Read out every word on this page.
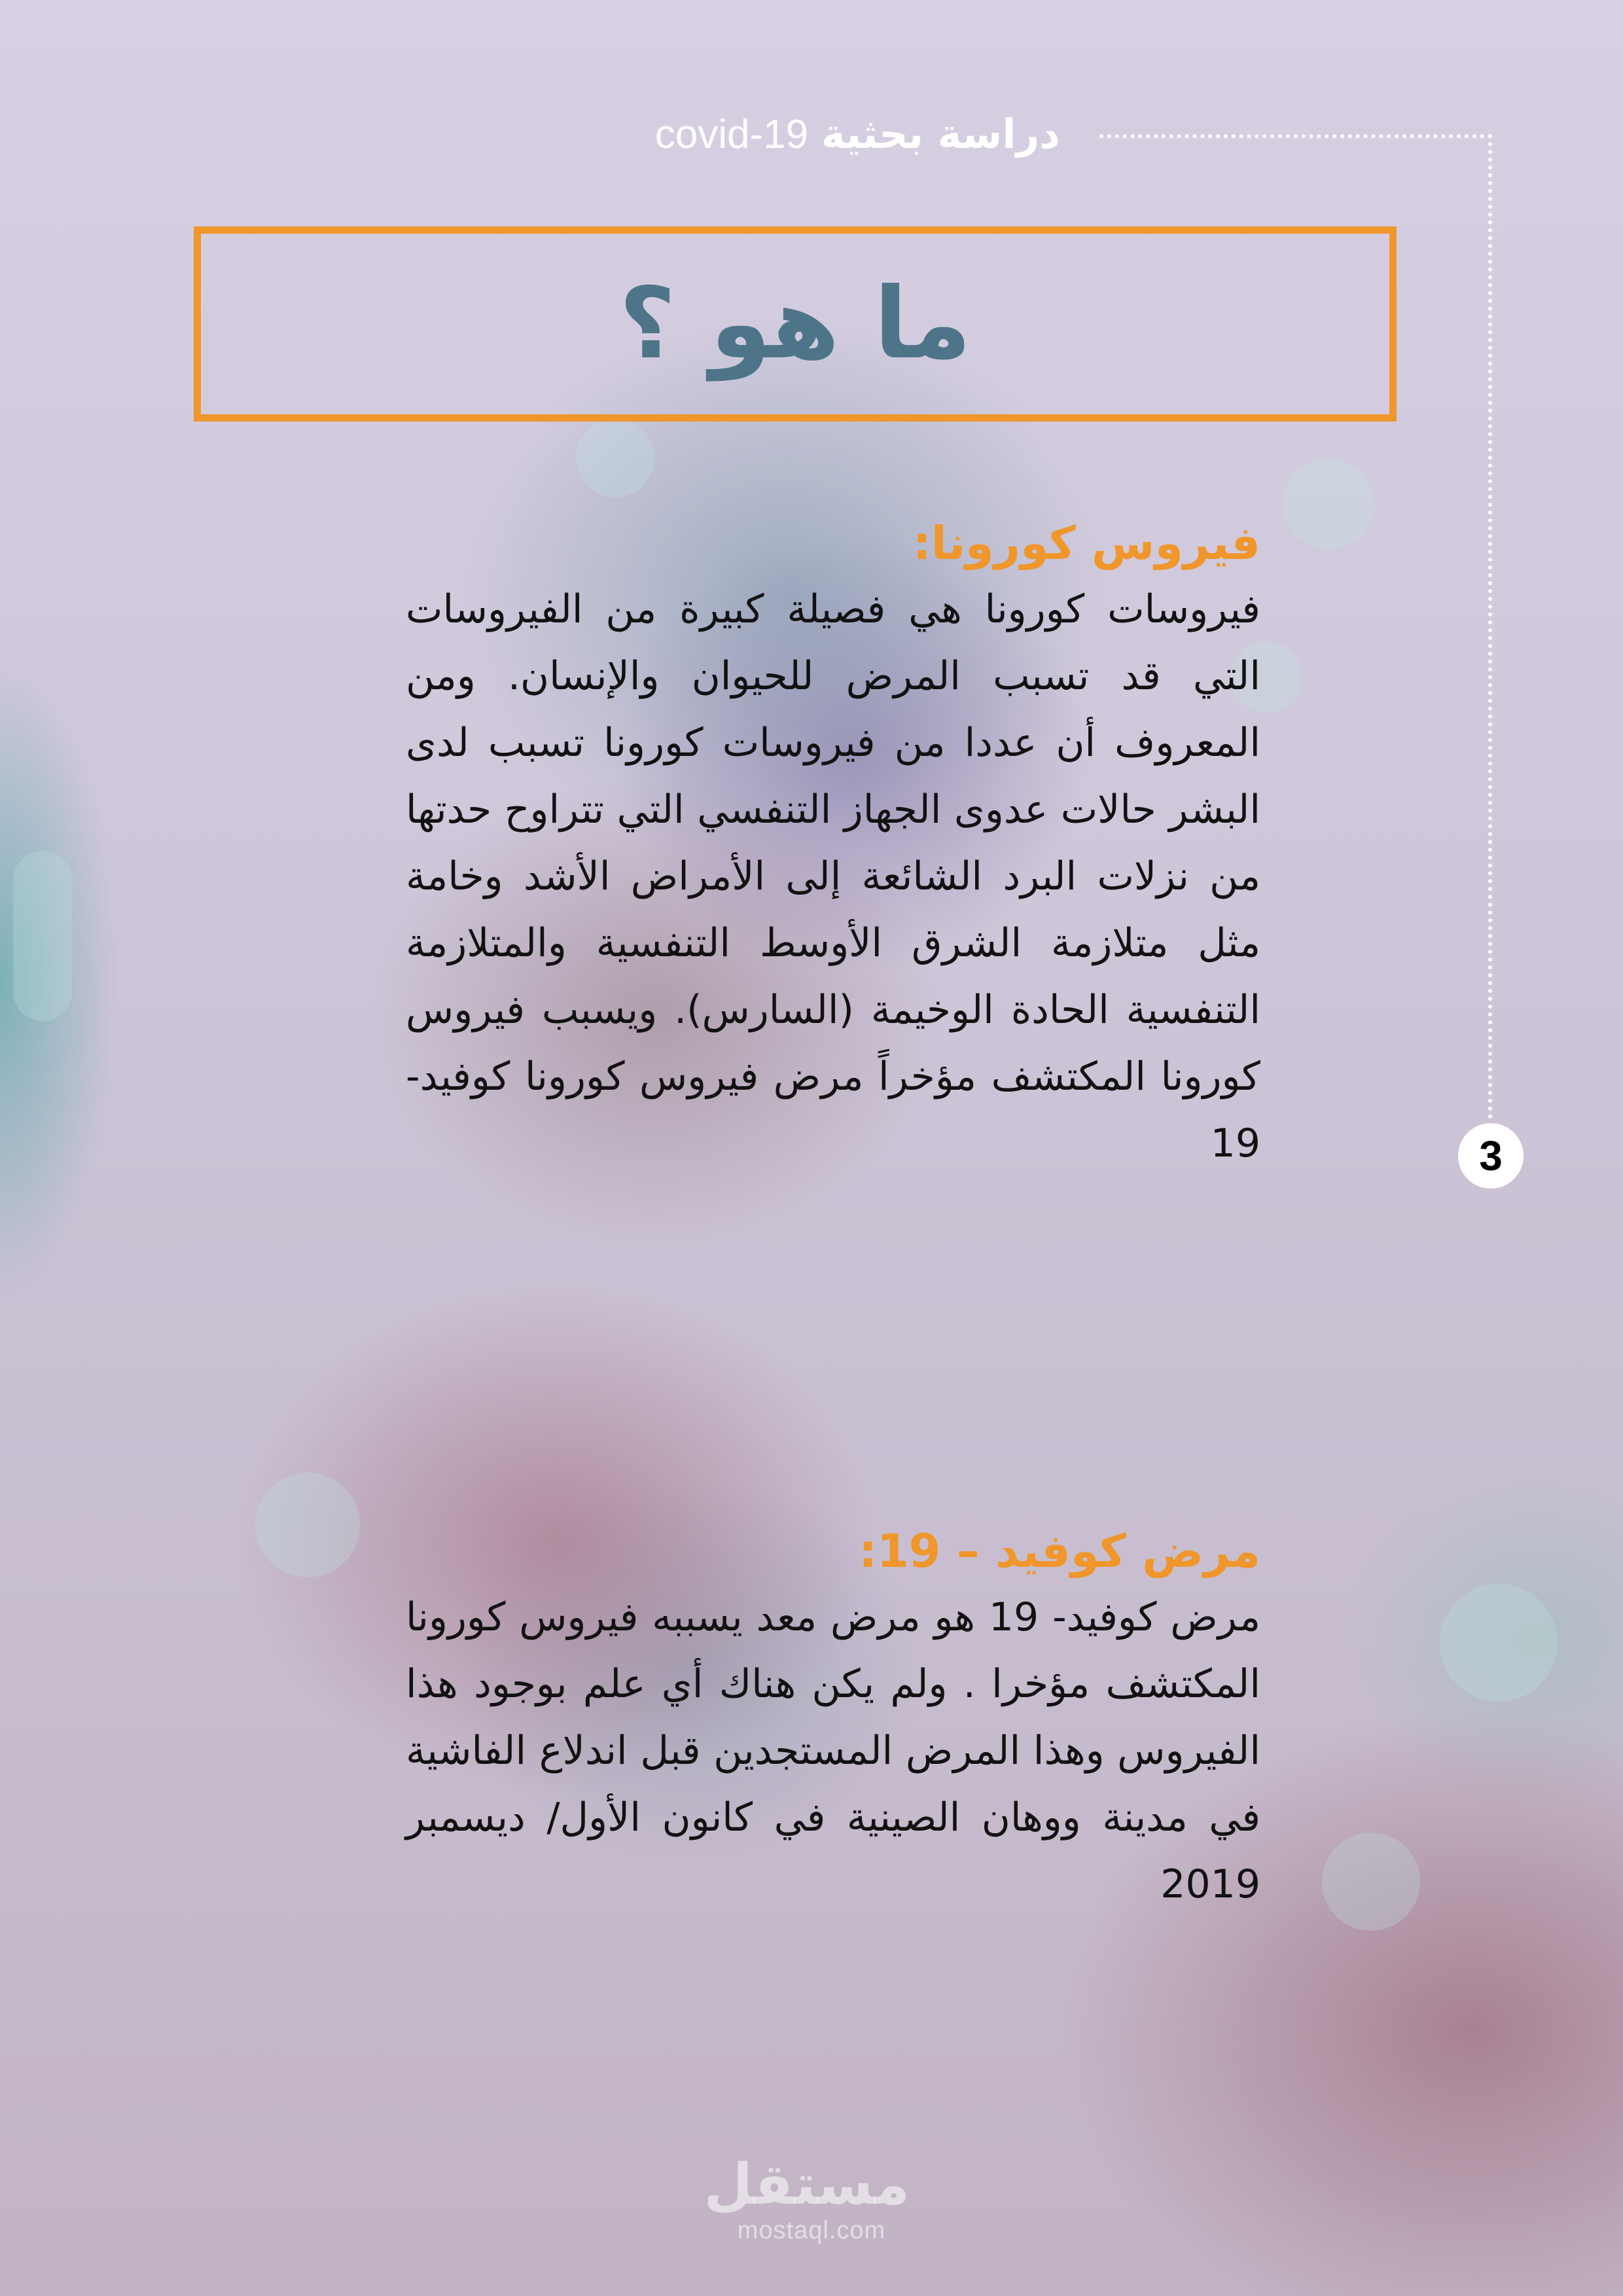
دراسة بحثية covid-19
3
ما هو ؟

فيروس كورونا:

فيروسات كورونا هي فصيلة كبيرة من الفيروسات التي قد تسبب المرض للحيوان والإنسان. ومن المعروف أن عددا من فيروسات كورونا تسبب لدى البشر حالات عدوى الجهاز التنفسي التي تتراوح حدتها من نزلات البرد الشائعة إلى الأمراض الأشد وخامة مثل متلازمة الشرق الأوسط التنفسية والمتلازمة التنفسية الحادة الوخيمة (السارس). ويسبب فيروس كورونا المكتشف مؤخراً مرض فيروس كورونا كوفيد- 19

مرض كوفيد – 19:

مرض كوفيد- 19 هو مرض معد يسببه فيروس كورونا المكتشف مؤخرا . ولم يكن هناك أي علم بوجود هذا الفيروس وهذا المرض المستجدين قبل اندلاع الفاشية في مدينة ووهان الصينية في كانون الأول/ ديسمبر 2019

مستقل
mostaql.com
